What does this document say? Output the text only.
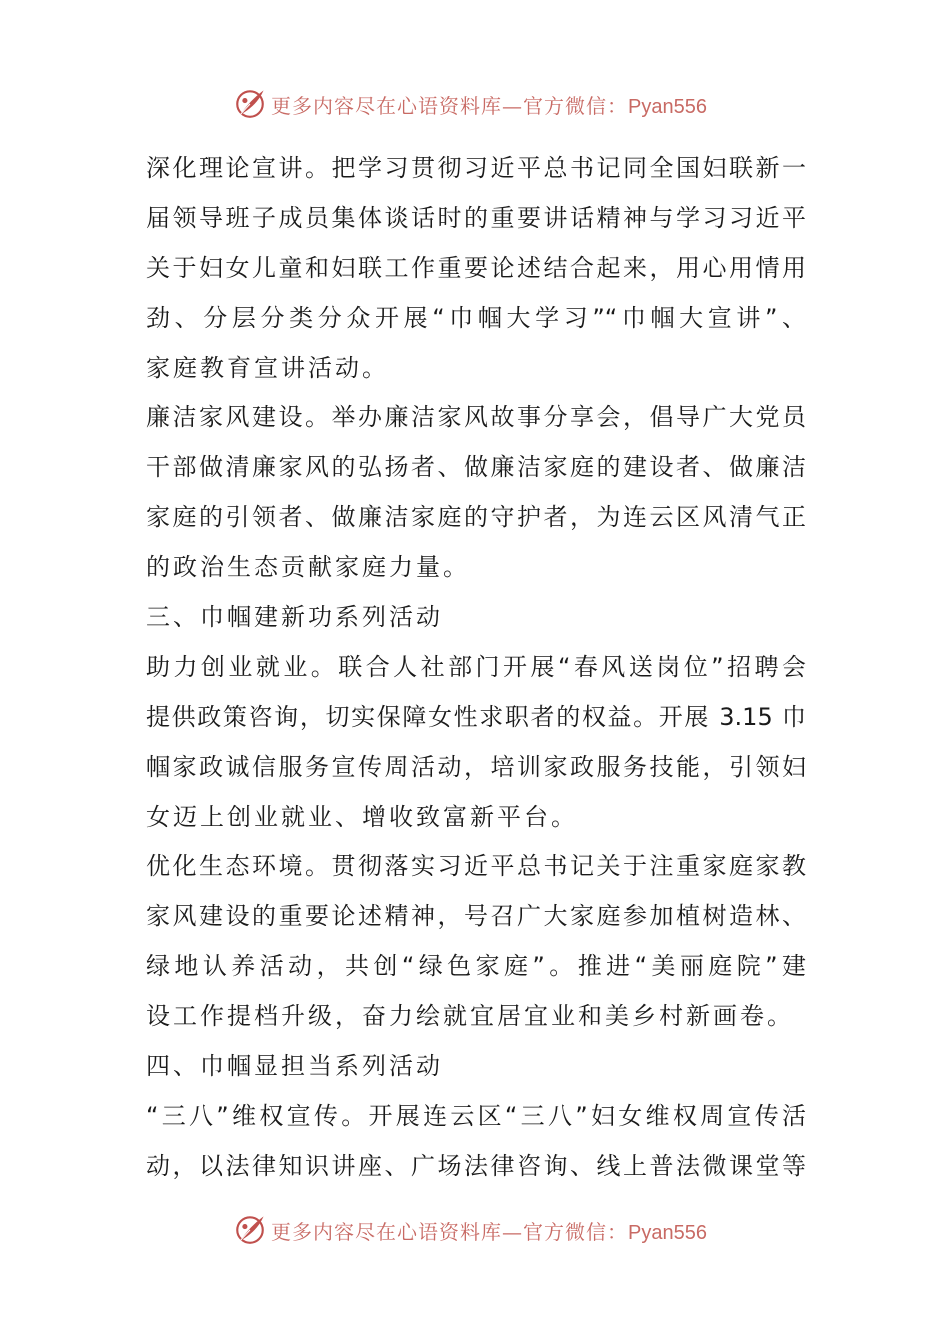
更多内容尽在心语资料库—官方微信：Pyan556
深化理论宣讲。把学习贯彻习近平总书记同全国妇联新一
届领导班子成员集体谈话时的重要讲话精神与学习习近平
关于妇女儿童和妇联工作重要论述结合起来，用心用情用
劲、分层分类分众开展“巾帼大学习”“巾帼大宣讲”、
家庭教育宣讲活动。
廉洁家风建设。举办廉洁家风故事分享会，倡导广大党员
干部做清廉家风的弘扬者、做廉洁家庭的建设者、做廉洁
家庭的引领者、做廉洁家庭的守护者，为连云区风清气正
的政治生态贡献家庭力量。
三、巾帼建新功系列活动
助力创业就业。联合人社部门开展“春风送岗位”招聘会
提供政策咨询，切实保障女性求职者的权益。开展 3.15 巾
帼家政诚信服务宣传周活动，培训家政服务技能，引领妇
女迈上创业就业、增收致富新平台。
优化生态环境。贯彻落实习近平总书记关于注重家庭家教
家风建设的重要论述精神，号召广大家庭参加植树造林、
绿地认养活动，共创“绿色家庭”。推进“美丽庭院”建
设工作提档升级，奋力绘就宜居宜业和美乡村新画卷。
四、巾帼显担当系列活动
“三八”维权宣传。开展连云区“三八”妇女维权周宣传活
动，以法律知识讲座、广场法律咨询、线上普法微课堂等
更多内容尽在心语资料库—官方微信：Pyan556
